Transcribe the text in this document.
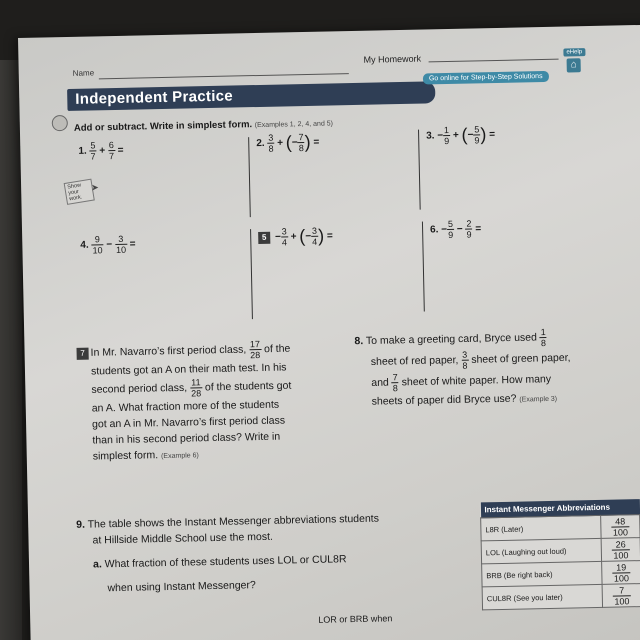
Name
My Homework
eHelp
⌂
Independent Practice
Go online for Step-by-Step Solutions
Add or subtract. Write in simplest form. (Examples 1, 2, 4, and 5)
1. $\frac{5}{7} + \frac{6}{7}$ =
Show your work.
➤
2. $\frac{3}{8}$ + (− $\frac{7}{8}$ ) =
3. − $\frac{1}{9}$ + (− $\frac{5}{9}$ ) =
4. $\frac{9}{10} - \frac{3}{10}$ =
$5 - \frac{3}{4}$ + (− $\frac{3}{4}$ ) =
6. − $\frac{5}{9} - \frac{2}{9}$ =
7 In Mr. Navarro’s first period class, $\frac{17}{28}$ of the
students got an A on their math test. In his
second period class, $\frac{11}{28}$ of the students got
an A. What fraction more of the students
got an A in Mr. Navarro’s first period class
than in his second period class? Write in
simplest form. (Example 6)
8. To make a greeting card, Bryce used $\frac{1}{8}$
sheet of red paper, $\frac{3}{8}$ sheet of green paper,
and $\frac{7}{8}$ sheet of white paper. How many
sheets of paper did Bryce use? (Example 3)
9. The table shows the Instant Messenger abbreviations students
at Hillside Middle School use the most.
a. What fraction of these students uses LOL or CUL8R
when using Instant Messenger?
LOR or BRB when
Instant Messenger Abbreviations	
L8R (Later)	$\frac{48}{100}$

LOL (Laughing out loud)	$\frac{26}{100}$

BRB (Be right back)	$\frac{19}{100}$

CUL8R (See you later)	$\frac{7}{100}$
